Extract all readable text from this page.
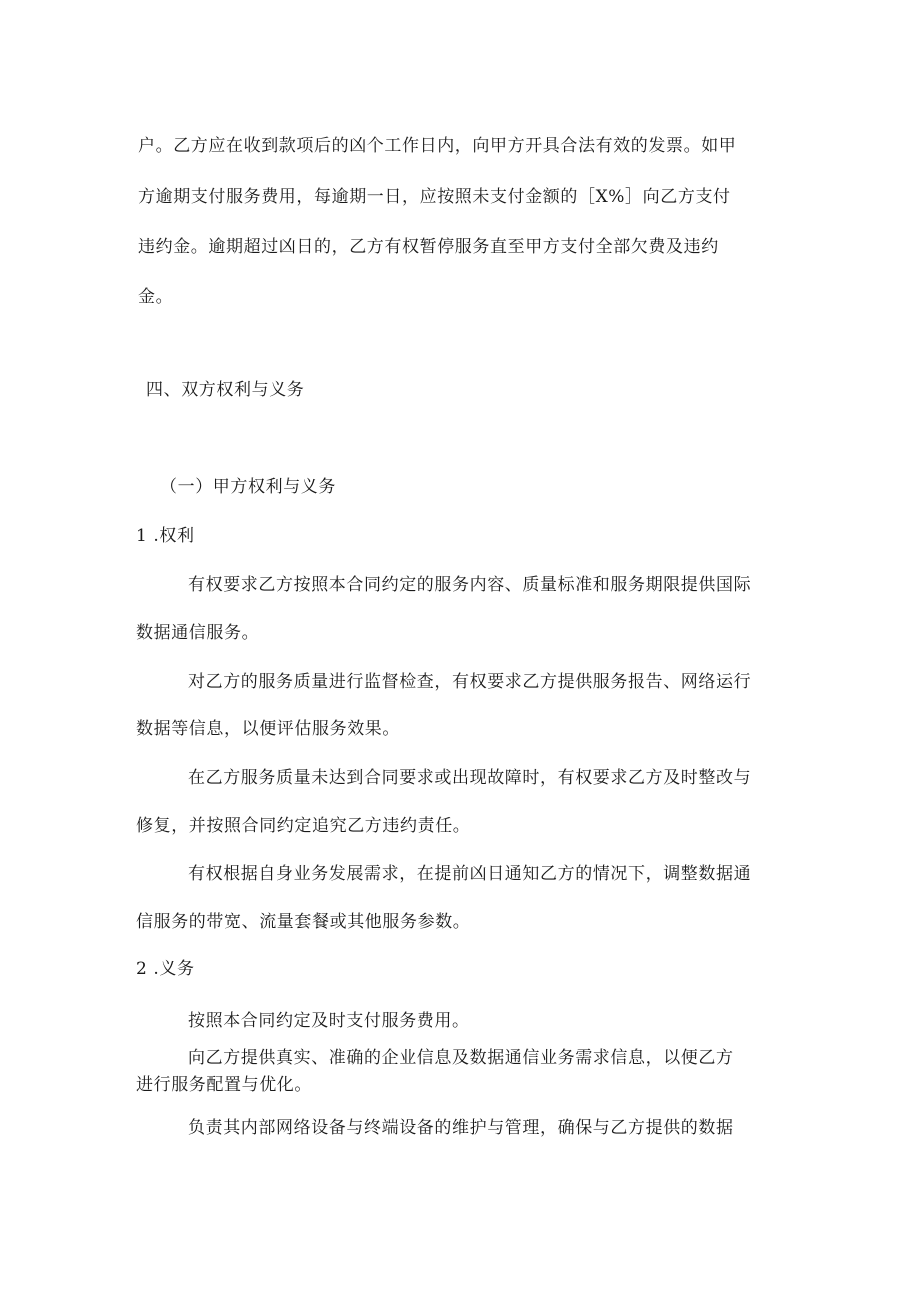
户。乙方应在收到款项后的凶个工作日内，向甲方开具合法有效的发票。如甲
方逾期支付服务费用，每逾期一日，应按照未支付金额的［X%］向乙方支付
违约金。逾期超过凶日的，乙方有权暂停服务直至甲方支付全部欠费及违约
金。
四、双方权利与义务
（一）甲方权利与义务
1 .权利
有权要求乙方按照本合同约定的服务内容、质量标准和服务期限提供国际
数据通信服务。
对乙方的服务质量进行监督检查，有权要求乙方提供服务报告、网络运行
数据等信息，以便评估服务效果。
在乙方服务质量未达到合同要求或出现故障时，有权要求乙方及时整改与
修复，并按照合同约定追究乙方违约责任。
有权根据自身业务发展需求，在提前凶日通知乙方的情况下，调整数据通
信服务的带宽、流量套餐或其他服务参数。
2 .义务
按照本合同约定及时支付服务费用。
向乙方提供真实、准确的企业信息及数据通信业务需求信息，以便乙方
进行服务配置与优化。
负责其内部网络设备与终端设备的维护与管理，确保与乙方提供的数据
